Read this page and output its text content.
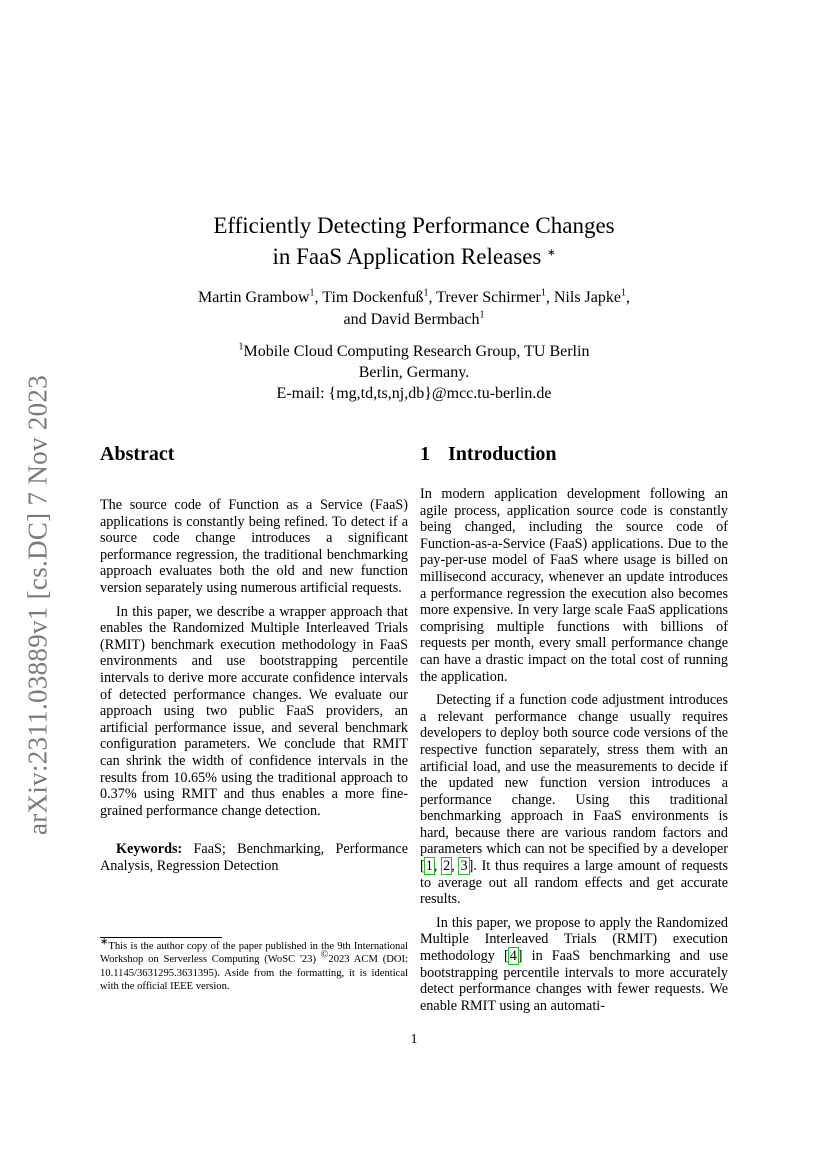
arXiv:2311.03889v1 [cs.DC] 7 Nov 2023
Efficiently Detecting Performance Changes
in FaaS Application Releases ∗
Martin Grambow$^1$, Tim Dockenfuß$^1$, Trever Schirmer$^1$, Nils Japke$^1$,
and David Bermbach$^1$
$^1$Mobile Cloud Computing Research Group, TU Berlin
Berlin, Germany.
E-mail: {mg,td,ts,nj,db}@mcc.tu-berlin.de
Abstract	1 Introduction

The source code of Function as a Service (FaaS) applications is constantly being refined. To detect if a source code change introduces a significant performance regression, the traditional benchmarking approach evaluates both the old and new function version separately using numerous artificial requests.

In this paper, we describe a wrapper approach that enables the Randomized Multiple Interleaved Trials (RMIT) benchmark execution methodology in FaaS environments and use bootstrapping percentile intervals to derive more accurate confidence intervals of detected performance changes. We evaluate our approach using two public FaaS providers, an artificial performance issue, and several benchmark configuration parameters. We conclude that RMIT can shrink the width of confidence intervals in the results from 10.65% using the traditional approach to 0.37% using RMIT and thus enables a more fine-grained performance change detection.

Keywords: FaaS; Benchmarking, Performance Analysis, Regression Detection

In modern application development following an agile process, application source code is constantly being changed, including the source code of Function-as-a-Service (FaaS) applications. Due to the pay-per-use model of FaaS where usage is billed on millisecond accuracy, whenever an update introduces a performance regression the execution also becomes more expensive. In very large scale FaaS applications comprising multiple functions with billions of requests per month, every small performance change can have a drastic impact on the total cost of running the application.

Detecting if a function code adjustment introduces a relevant performance change usually requires developers to deploy both source code versions of the respective function separately, stress them with an artificial load, and use the measurements to decide if the updated new function version introduces a performance change. Using this traditional benchmarking approach in FaaS environments is hard, because there are various random factors and parameters which can not be specified by a developer [1, 2, 3]. It thus requires a large amount of requests to average out all random effects and get accurate results.

In this paper, we propose to apply the Randomized Multiple Interleaved Trials (RMIT) execution methodology [4] in FaaS benchmarking and use bootstrapping percentile intervals to more accurately detect performance changes with fewer requests. We enable RMIT using an automati-

∗This is the author copy of the paper published in the 9th International Workshop on Serverless Computing (WoSC '23) ©2023 ACM (DOI: 10.1145/3631295.3631395). Aside from the formatting, it is identical with the official IEEE version.
1
